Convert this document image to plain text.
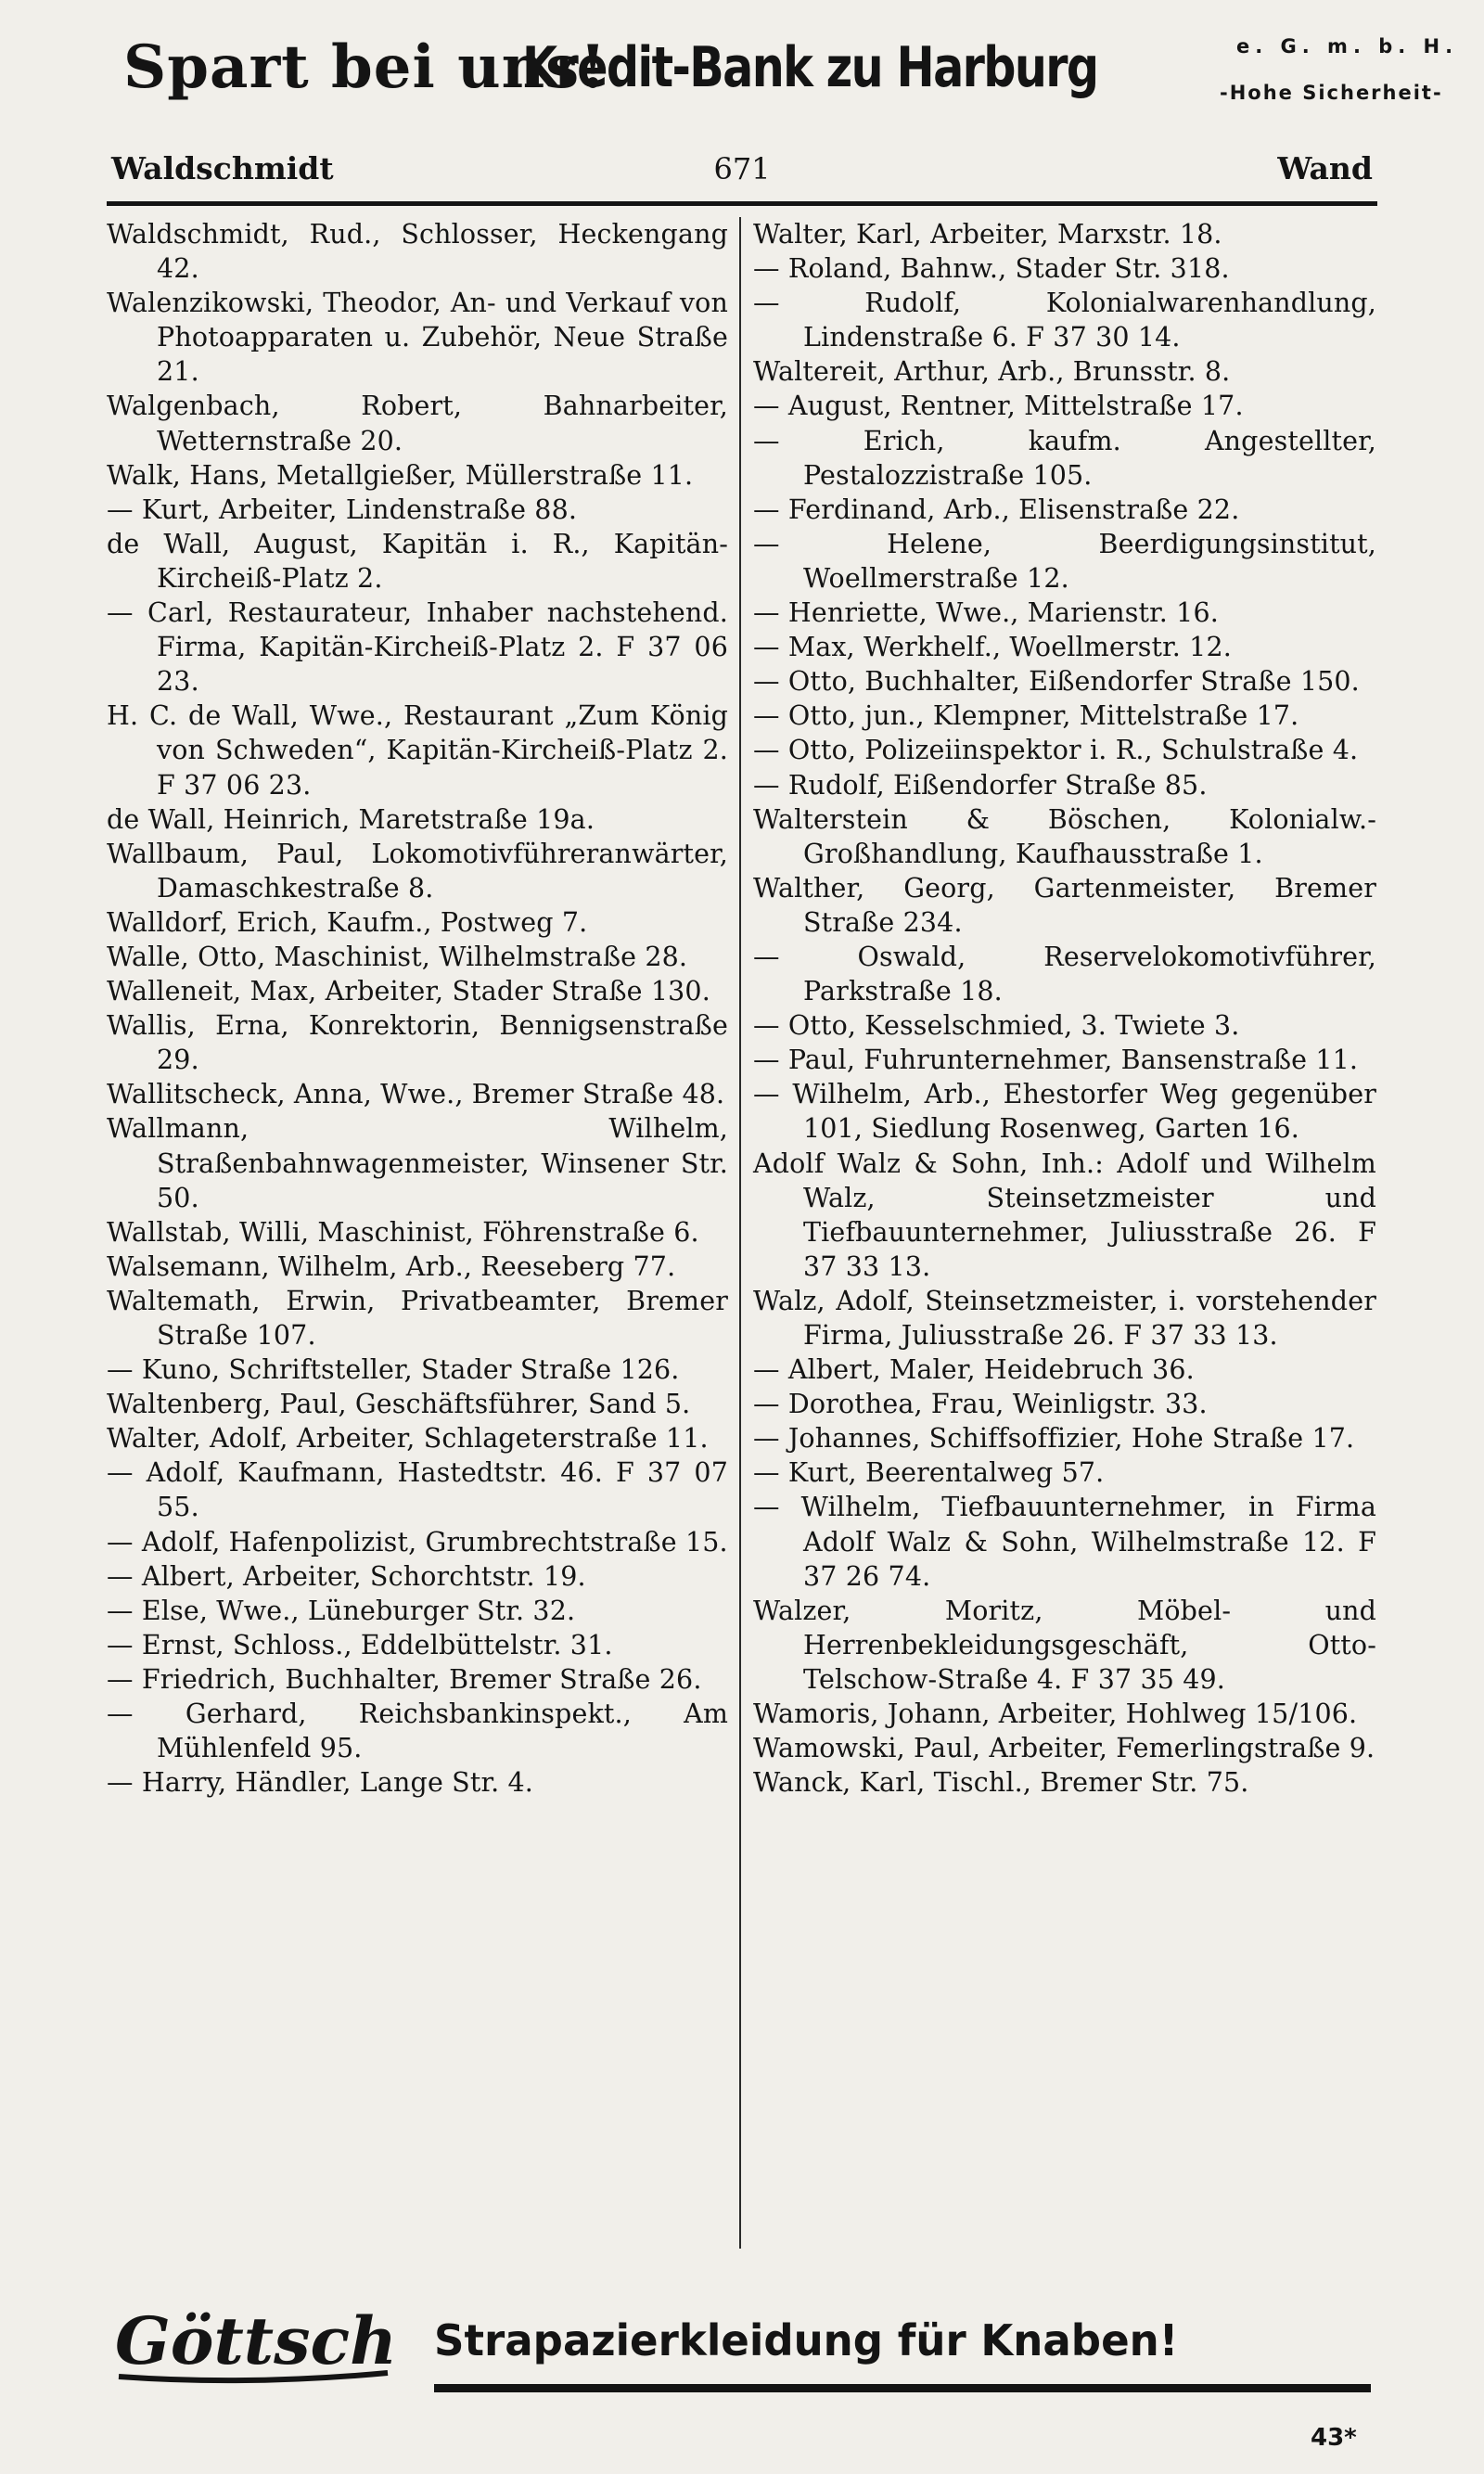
Spart bei uns!
Kredit-Bank zu Harburg	e. G. m. b. H.
-Hohe Sicherheit-
Waldschmidt	671	Wand
Waldschmidt, Rud., Schlosser, Heckengang 42.
Walenzikowski, Theodor, An- und Verkauf von Photoapparaten u. Zubehör, Neue Straße 21.
Walgenbach, Robert, Bahnarbeiter, Wetternstraße 20.
Walk, Hans, Metallgießer, Müllerstraße 11.
— Kurt, Arbeiter, Lindenstraße 88.
de Wall, August, Kapitän i. R., Kapitän-Kircheiß-Platz 2.
— Carl, Restaurateur, Inhaber nachstehend. Firma, Kapitän-Kircheiß-Platz 2. F 37 06 23.
H. C. de Wall, Wwe., Restaurant „Zum König von Schweden“, Kapitän-Kircheiß-Platz 2. F 37 06 23.
de Wall, Heinrich, Maretstraße 19a.
Wallbaum, Paul, Lokomotivführeranwärter, Damaschkestraße 8.
Walldorf, Erich, Kaufm., Postweg 7.
Walle, Otto, Maschinist, Wilhelmstraße 28.
Walleneit, Max, Arbeiter, Stader Straße 130.
Wallis, Erna, Konrektorin, Bennigsenstraße 29.
Wallitscheck, Anna, Wwe., Bremer Straße 48.
Wallmann, Wilhelm, Straßenbahnwagenmeister, Winsener Str. 50.
Wallstab, Willi, Maschinist, Föhrenstraße 6.
Walsemann, Wilhelm, Arb., Reeseberg 77.
Waltemath, Erwin, Privatbeamter, Bremer Straße 107.
— Kuno, Schriftsteller, Stader Straße 126.
Waltenberg, Paul, Geschäftsführer, Sand 5.
Walter, Adolf, Arbeiter, Schlageterstraße 11.
— Adolf, Kaufmann, Hastedtstr. 46. F 37 07 55.
— Adolf, Hafenpolizist, Grumbrechtstraße 15.
— Albert, Arbeiter, Schorchtstr. 19.
— Else, Wwe., Lüneburger Str. 32.
— Ernst, Schloss., Eddelbüttelstr. 31.
— Friedrich, Buchhalter, Bremer Straße 26.
— Gerhard, Reichsbankinspekt., Am Mühlenfeld 95.
— Harry, Händler, Lange Str. 4.
Walter, Karl, Arbeiter, Marxstr. 18.
— Roland, Bahnw., Stader Str. 318.
— Rudolf, Kolonialwarenhandlung, Lindenstraße 6. F 37 30 14.
Waltereit, Arthur, Arb., Brunsstr. 8.
— August, Rentner, Mittelstraße 17.
— Erich, kaufm. Angestellter, Pestalozzistraße 105.
— Ferdinand, Arb., Elisenstraße 22.
— Helene, Beerdigungsinstitut, Woellmerstraße 12.
— Henriette, Wwe., Marienstr. 16.
— Max, Werkhelf., Woellmerstr. 12.
— Otto, Buchhalter, Eißendorfer Straße 150.
— Otto, jun., Klempner, Mittelstraße 17.
— Otto, Polizeiinspektor i. R., Schulstraße 4.
— Rudolf, Eißendorfer Straße 85.
Walterstein & Böschen, Kolonialw.-Großhandlung, Kaufhausstraße 1.
Walther, Georg, Gartenmeister, Bremer Straße 234.
— Oswald, Reservelokomotivführer, Parkstraße 18.
— Otto, Kesselschmied, 3. Twiete 3.
— Paul, Fuhrunternehmer, Bansenstraße 11.
— Wilhelm, Arb., Ehestorfer Weg gegenüber 101, Siedlung Rosenweg, Garten 16.
Adolf Walz & Sohn, Inh.: Adolf und Wilhelm Walz, Steinsetzmeister und Tiefbauunternehmer, Juliusstraße 26. F 37 33 13.
Walz, Adolf, Steinsetzmeister, i. vorstehender Firma, Juliusstraße 26. F 37 33 13.
— Albert, Maler, Heidebruch 36.
— Dorothea, Frau, Weinligstr. 33.
— Johannes, Schiffsoffizier, Hohe Straße 17.
— Kurt, Beerentalweg 57.
— Wilhelm, Tiefbauunternehmer, in Firma Adolf Walz & Sohn, Wilhelmstraße 12. F 37 26 74.
Walzer, Moritz, Möbel- und Herrenbekleidungsgeschäft, Otto-Telschow-Straße 4. F 37 35 49.
Wamoris, Johann, Arbeiter, Hohlweg 15/106.
Wamowski, Paul, Arbeiter, Femerlingstraße 9.
Wanck, Karl, Tischl., Bremer Str. 75.
Göttsch Strapazierkleidung für Knaben!
43*
